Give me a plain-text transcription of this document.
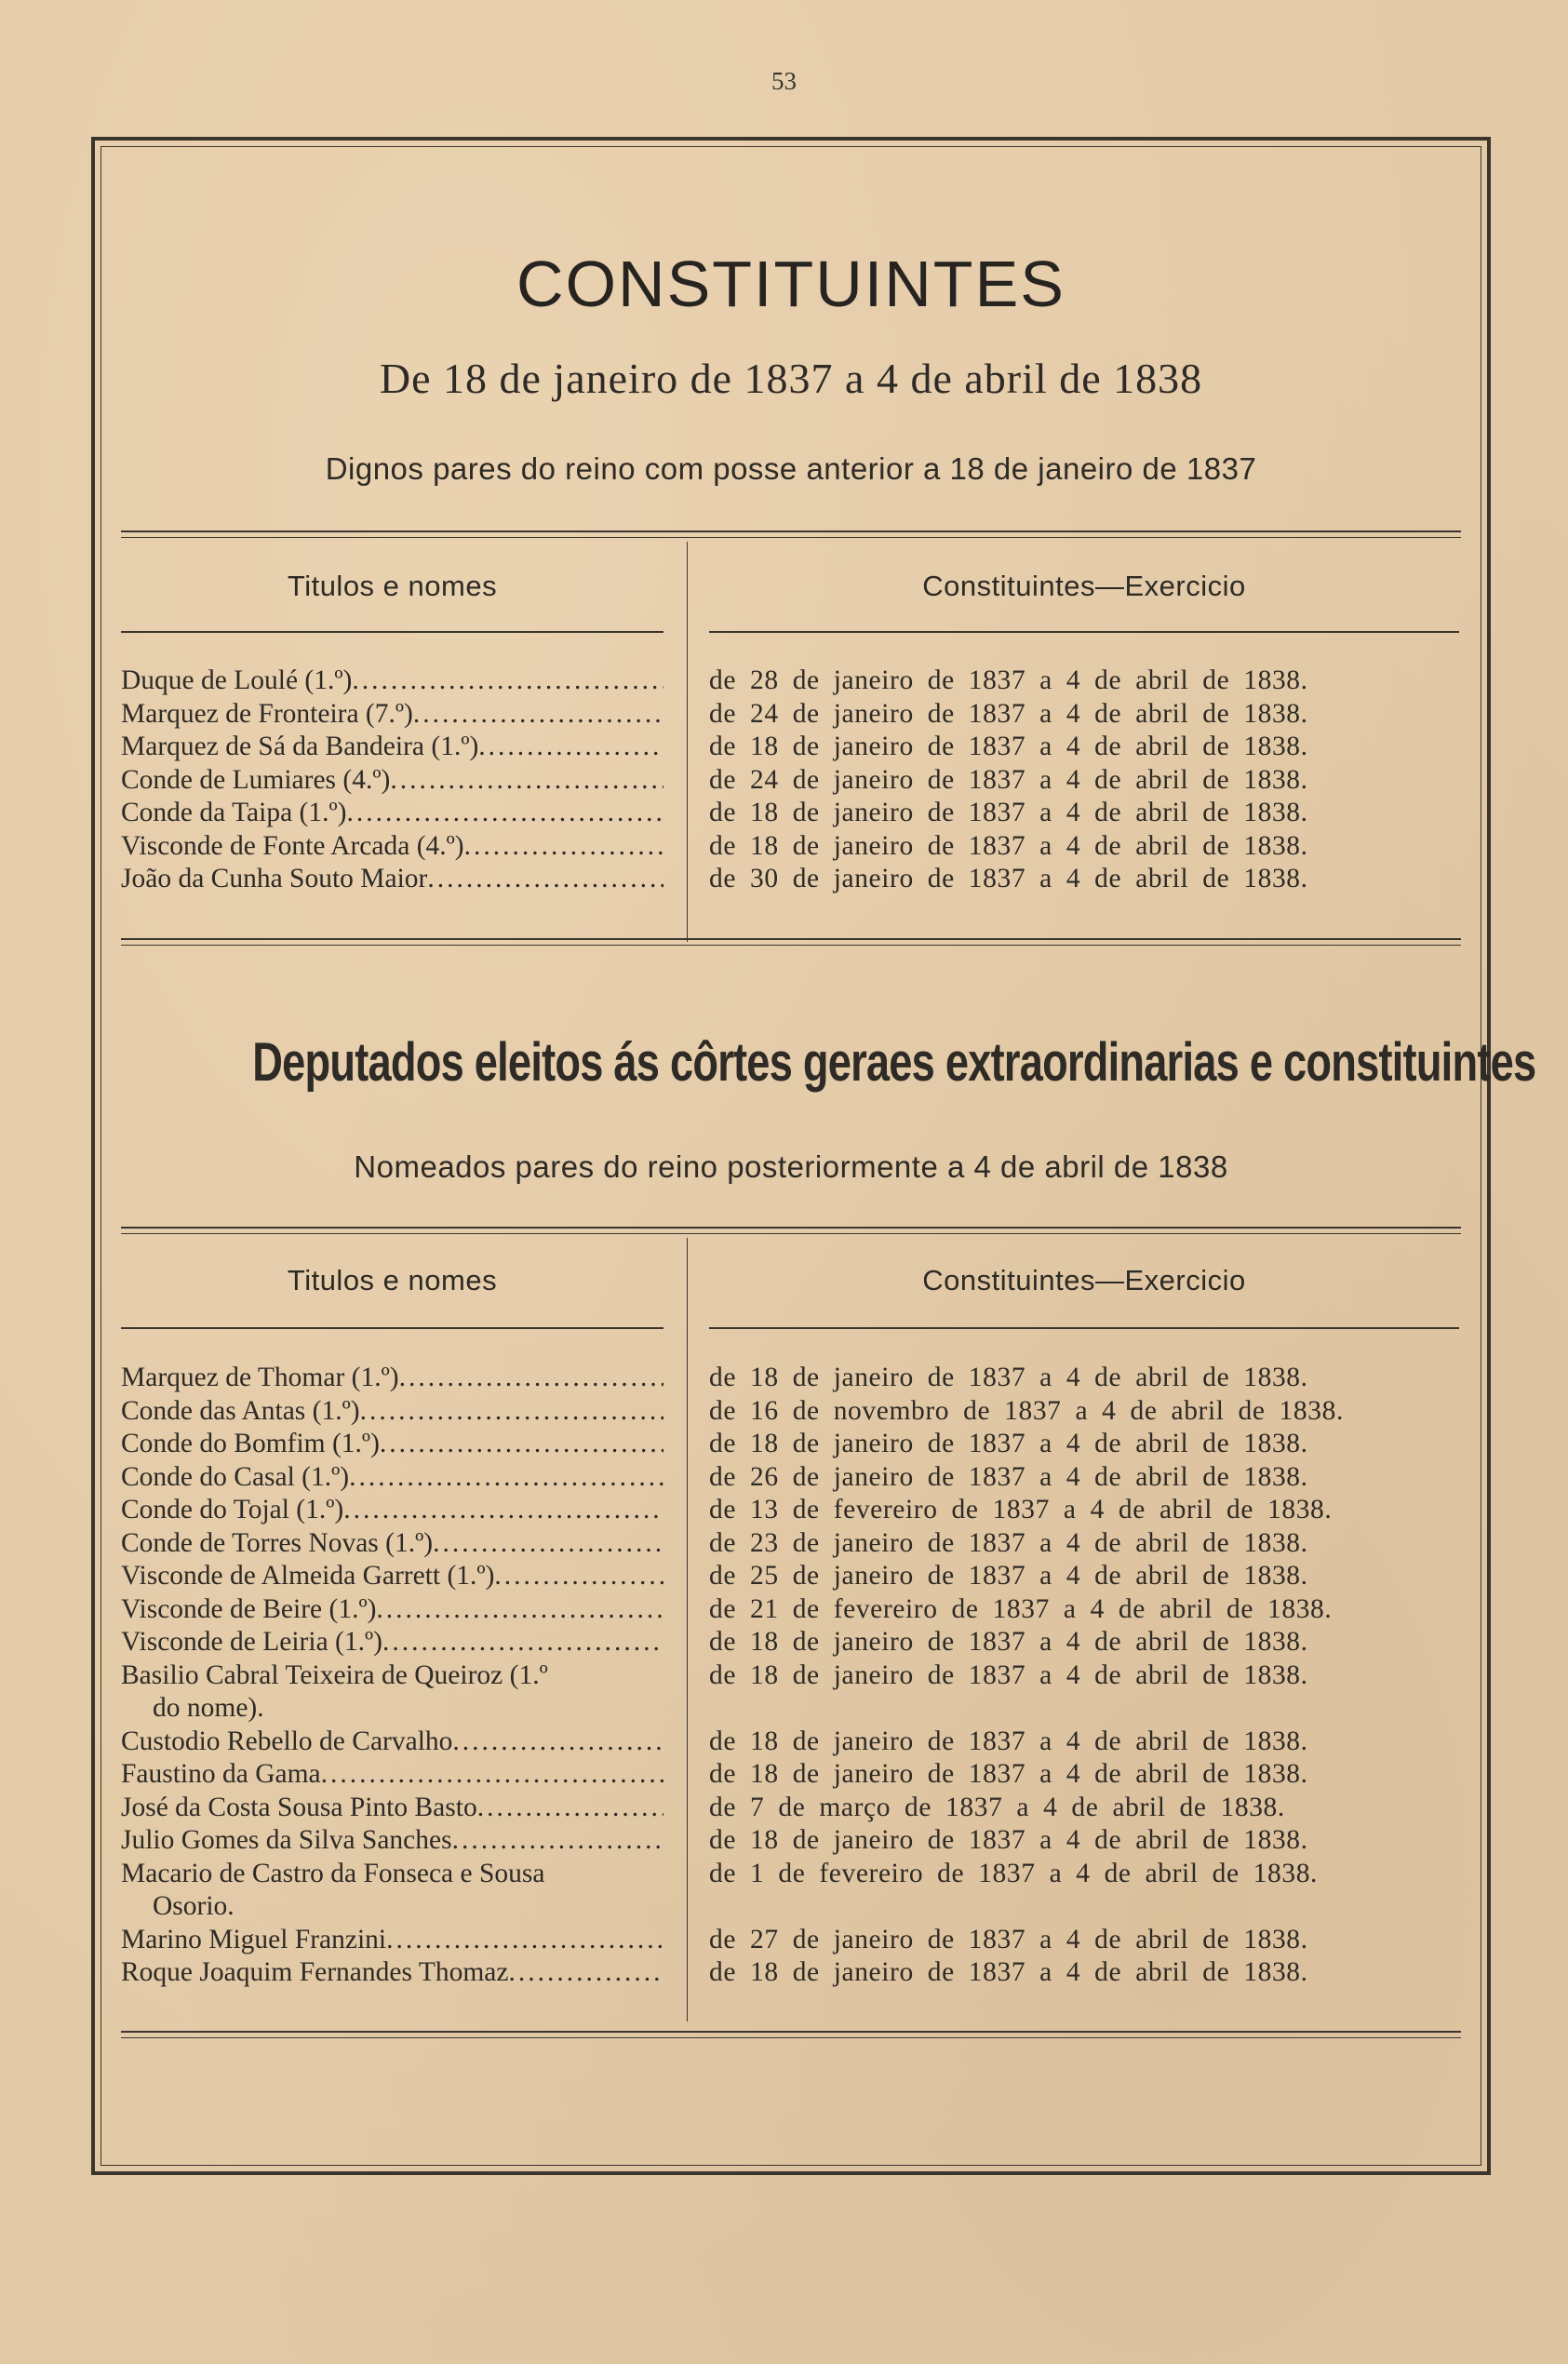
53
CONSTITUINTES
De 18 de janeiro de 1837 a 4 de abril de 1838
Dignos pares do reino com posse anterior a 18 de janeiro de 1837
Titulos e nomes	Constituintes—Exercicio
Duque de Loulé (1.º)
.....
Marquez de Fronteira (7.º)
.....
Marquez de Sá da Bandeira (1.º)
.....
Conde de Lumiares (4.º)
.....
Conde da Taipa (1.º)
.....
Visconde de Fonte Arcada (4.º)
.....
João da Cunha Souto Maior
.....
de 28 de janeiro de 1837 a 4 de abril de 1838.
de 24 de janeiro de 1837 a 4 de abril de 1838.
de 18 de janeiro de 1837 a 4 de abril de 1838.
de 24 de janeiro de 1837 a 4 de abril de 1838.
de 18 de janeiro de 1837 a 4 de abril de 1838.
de 18 de janeiro de 1837 a 4 de abril de 1838.
de 30 de janeiro de 1837 a 4 de abril de 1838.
Deputados eleitos ás côrtes geraes extraordinarias e constituintes
Nomeados pares do reino posteriormente a 4 de abril de 1838
Titulos e nomes	Constituintes—Exercicio
Marquez de Thomar (1.º)
.....
Conde das Antas (1.º)
.....
Conde do Bomfim (1.º)
.....
Conde do Casal (1.º)
.....
Conde do Tojal (1.º)
.....
Conde de Torres Novas (1.º)
.....
Visconde de Almeida Garrett (1.º)
.....
Visconde de Beire (1.º)
.....
Visconde de Leiria (1.º)
.....
Basilio Cabral Teixeira de Queiroz (1.º
do nome).
Custodio Rebello de Carvalho
.....
Faustino da Gama
.....
José da Costa Sousa Pinto Basto
.....
Julio Gomes da Silva Sanches
.....
Macario de Castro da Fonseca e Sousa
Osorio.
Marino Miguel Franzini
.....
Roque Joaquim Fernandes Thomaz
.....
de 18 de janeiro de 1837 a 4 de abril de 1838.
de 16 de novembro de 1837 a 4 de abril de 1838.
de 18 de janeiro de 1837 a 4 de abril de 1838.
de 26 de janeiro de 1837 a 4 de abril de 1838.
de 13 de fevereiro de 1837 a 4 de abril de 1838.
de 23 de janeiro de 1837 a 4 de abril de 1838.
de 25 de janeiro de 1837 a 4 de abril de 1838.
de 21 de fevereiro de 1837 a 4 de abril de 1838.
de 18 de janeiro de 1837 a 4 de abril de 1838.
de 18 de janeiro de 1837 a 4 de abril de 1838.
de 18 de janeiro de 1837 a 4 de abril de 1838.
de 18 de janeiro de 1837 a 4 de abril de 1838.
de 7 de março de 1837 a 4 de abril de 1838.
de 18 de janeiro de 1837 a 4 de abril de 1838.
de 1 de fevereiro de 1837 a 4 de abril de 1838.
de 27 de janeiro de 1837 a 4 de abril de 1838.
de 18 de janeiro de 1837 a 4 de abril de 1838.
